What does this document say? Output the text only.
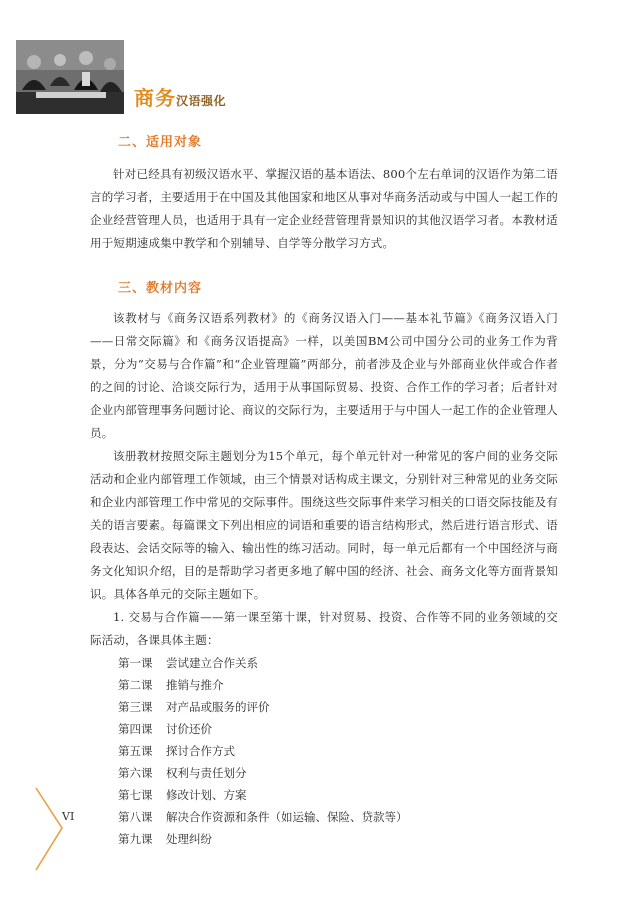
商务汉语强化
二、适用对象

针对已经具有初级汉语水平、掌握汉语的基本语法、800个左右单词的汉语作为第二语言的学习者，主要适用于在中国及其他国家和地区从事对华商务活动或与中国人一起工作的企业经营管理人员，也适用于具有一定企业经营管理背景知识的其他汉语学习者。本教材适用于短期速成集中教学和个别辅导、自学等分散学习方式。

三、教材内容

该教材与《商务汉语系列教材》的《商务汉语入门——基本礼节篇》《商务汉语入门——日常交际篇》和《商务汉语提高》一样，以美国BM公司中国分公司的业务工作为背景，分为“交易与合作篇”和“企业管理篇”两部分，前者涉及企业与外部商业伙伴或合作者的之间的讨论、洽谈交际行为，适用于从事国际贸易、投资、合作工作的学习者；后者针对企业内部管理事务问题讨论、商议的交际行为，主要适用于与中国人一起工作的企业管理人员。

该册教材按照交际主题划分为15个单元，每个单元针对一种常见的客户间的业务交际活动和企业内部管理工作领域，由三个情景对话构成主课文，分别针对三种常见的业务交际和企业内部管理工作中常见的交际事件。围绕这些交际事件来学习相关的口语交际技能及有关的语言要素。每篇课文下列出相应的词语和重要的语言结构形式，然后进行语言形式、语段表达、会话交际等的输入、输出性的练习活动。同时，每一单元后都有一个中国经济与商务文化知识介绍，目的是帮助学习者更多地了解中国的经济、社会、商务文化等方面背景知识。具体各单元的交际主题如下。

1. 交易与合作篇——第一课至第十课，针对贸易、投资、合作等不同的业务领域的交际活动，各课具体主题：

第一课 尝试建立合作关系
第二课 推销与推介
第三课 对产品或服务的评价
第四课 讨价还价
第五课 探讨合作方式
第六课 权利与责任划分
第七课 修改计划、方案
第八课 解决合作资源和条件（如运输、保险、贷款等）
第九课 处理纠纷
VI
